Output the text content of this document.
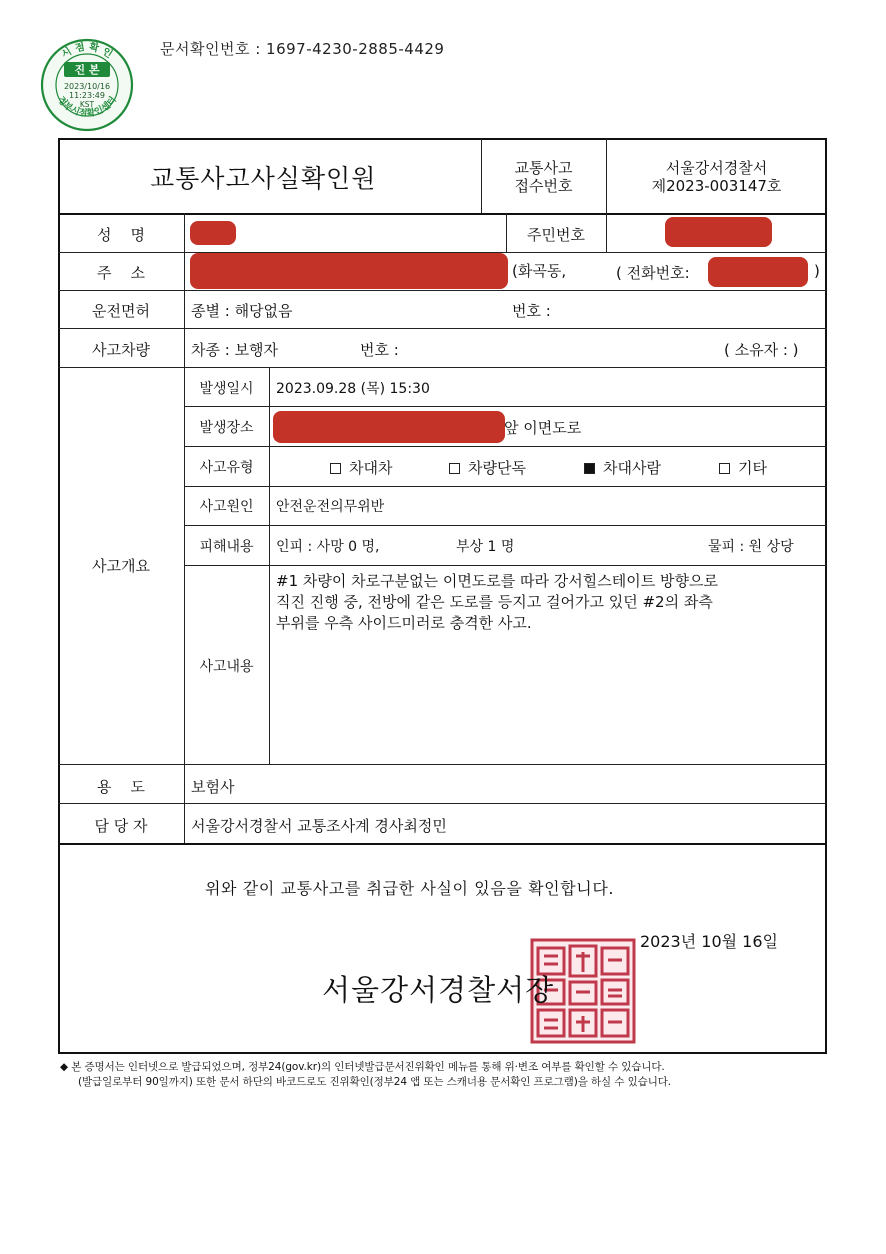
시 점 확 인
정부시점확인센터
진 본
2023/10/16
11:23:49
KST
문서확인번호 : 1697-4230-2885-4429
교통사고사실확인원	교통사고
접수번호
서울강서경찰서
제2023-003147호
성    명	주민번호
주    소	(화곡동,	( 전화번호:	)
운전면허	종별 : 해당없음	번호 :
사고차량	차종 : 보행자	번호 :	( 소유자 : )
사고개요
발생일시	2023.09.28 (목) 15:30
발생장소	앞 이면도로
사고유형	차대차	차량단독	차대사람	기타
사고원인	안전운전의무위반
피해내용	인피 : 사망 0 명,	부상 1 명	물피 : 원 상당
사고내용
#1 차량이 차로구분없는 이면도로를 따라 강서힐스테이트 방향으로
직진 진행 중, 전방에 같은 도로를 등지고 걸어가고 있던 #2의 좌측
부위를 우측 사이드미러로 충격한 사고.
용    도	보험사
담 당 자	서울강서경찰서 교통조사계 경사최정민
위와 같이 교통사고를 취급한 사실이 있음을 확인합니다.
2023년 10월 16일
서울강서경찰서장
◆ 본 증명서는 인터넷으로 발급되었으며, 정부24(gov.kr)의 인터넷발급문서진위확인 메뉴를 통해 위·변조 여부를 확인할 수 있습니다.
(발급일로부터 90일까지) 또한 문서 하단의 바코드로도 진위확인(정부24 앱 또는 스캐너용 문서확인 프로그램)을 하실 수 있습니다.
